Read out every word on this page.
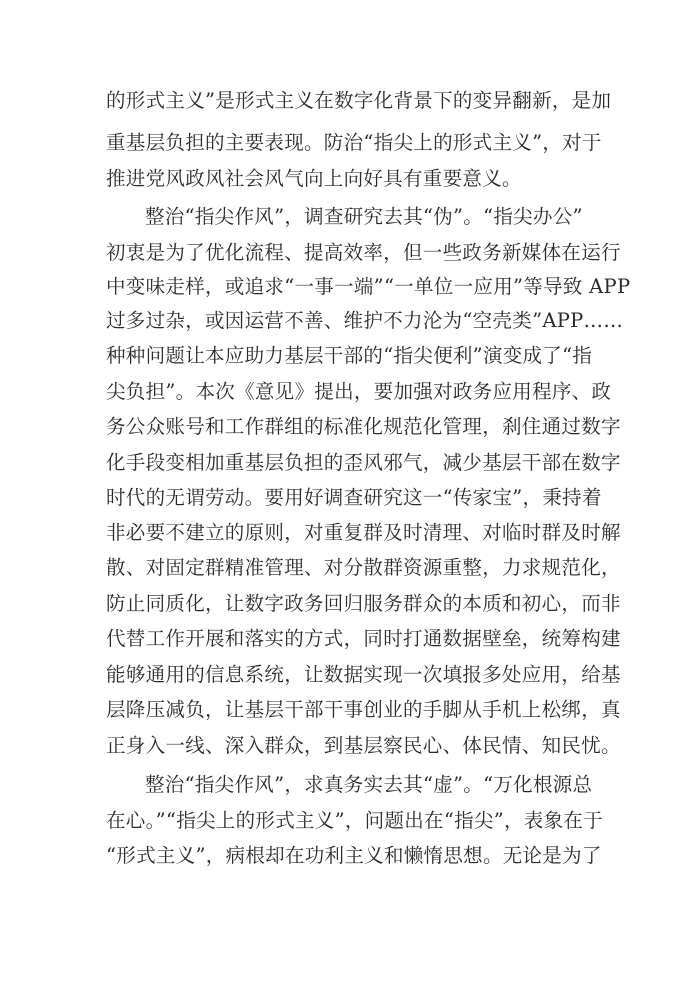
的形式主义”是形式主义在数字化背景下的变异翻新，是加
重基层负担的主要表现。防治“指尖上的形式主义”，对于
推进党风政风社会风气向上向好具有重要意义。
整治“指尖作风”，调查研究去其“伪”。“指尖办公”
初衷是为了优化流程、提高效率，但一些政务新媒体在运行
中变味走样，或追求“一事一端”“一单位一应用”等导致 APP
过多过杂，或因运营不善、维护不力沦为“空壳类”APP……
种种问题让本应助力基层干部的“指尖便利”演变成了“指
尖负担”。本次《意见》提出，要加强对政务应用程序、政
务公众账号和工作群组的标准化规范化管理，刹住通过数字
化手段变相加重基层负担的歪风邪气，减少基层干部在数字
时代的无谓劳动。要用好调查研究这一“传家宝”，秉持着
非必要不建立的原则，对重复群及时清理、对临时群及时解
散、对固定群精准管理、对分散群资源重整，力求规范化，
防止同质化，让数字政务回归服务群众的本质和初心，而非
代替工作开展和落实的方式，同时打通数据壁垒，统筹构建
能够通用的信息系统，让数据实现一次填报多处应用，给基
层降压减负，让基层干部干事创业的手脚从手机上松绑，真
正身入一线、深入群众，到基层察民心、体民情、知民忧。
整治“指尖作风”，求真务实去其“虚”。“万化根源总
在心。”“指尖上的形式主义”，问题出在“指尖”，表象在于
“形式主义”，病根却在功利主义和懒惰思想。无论是为了
